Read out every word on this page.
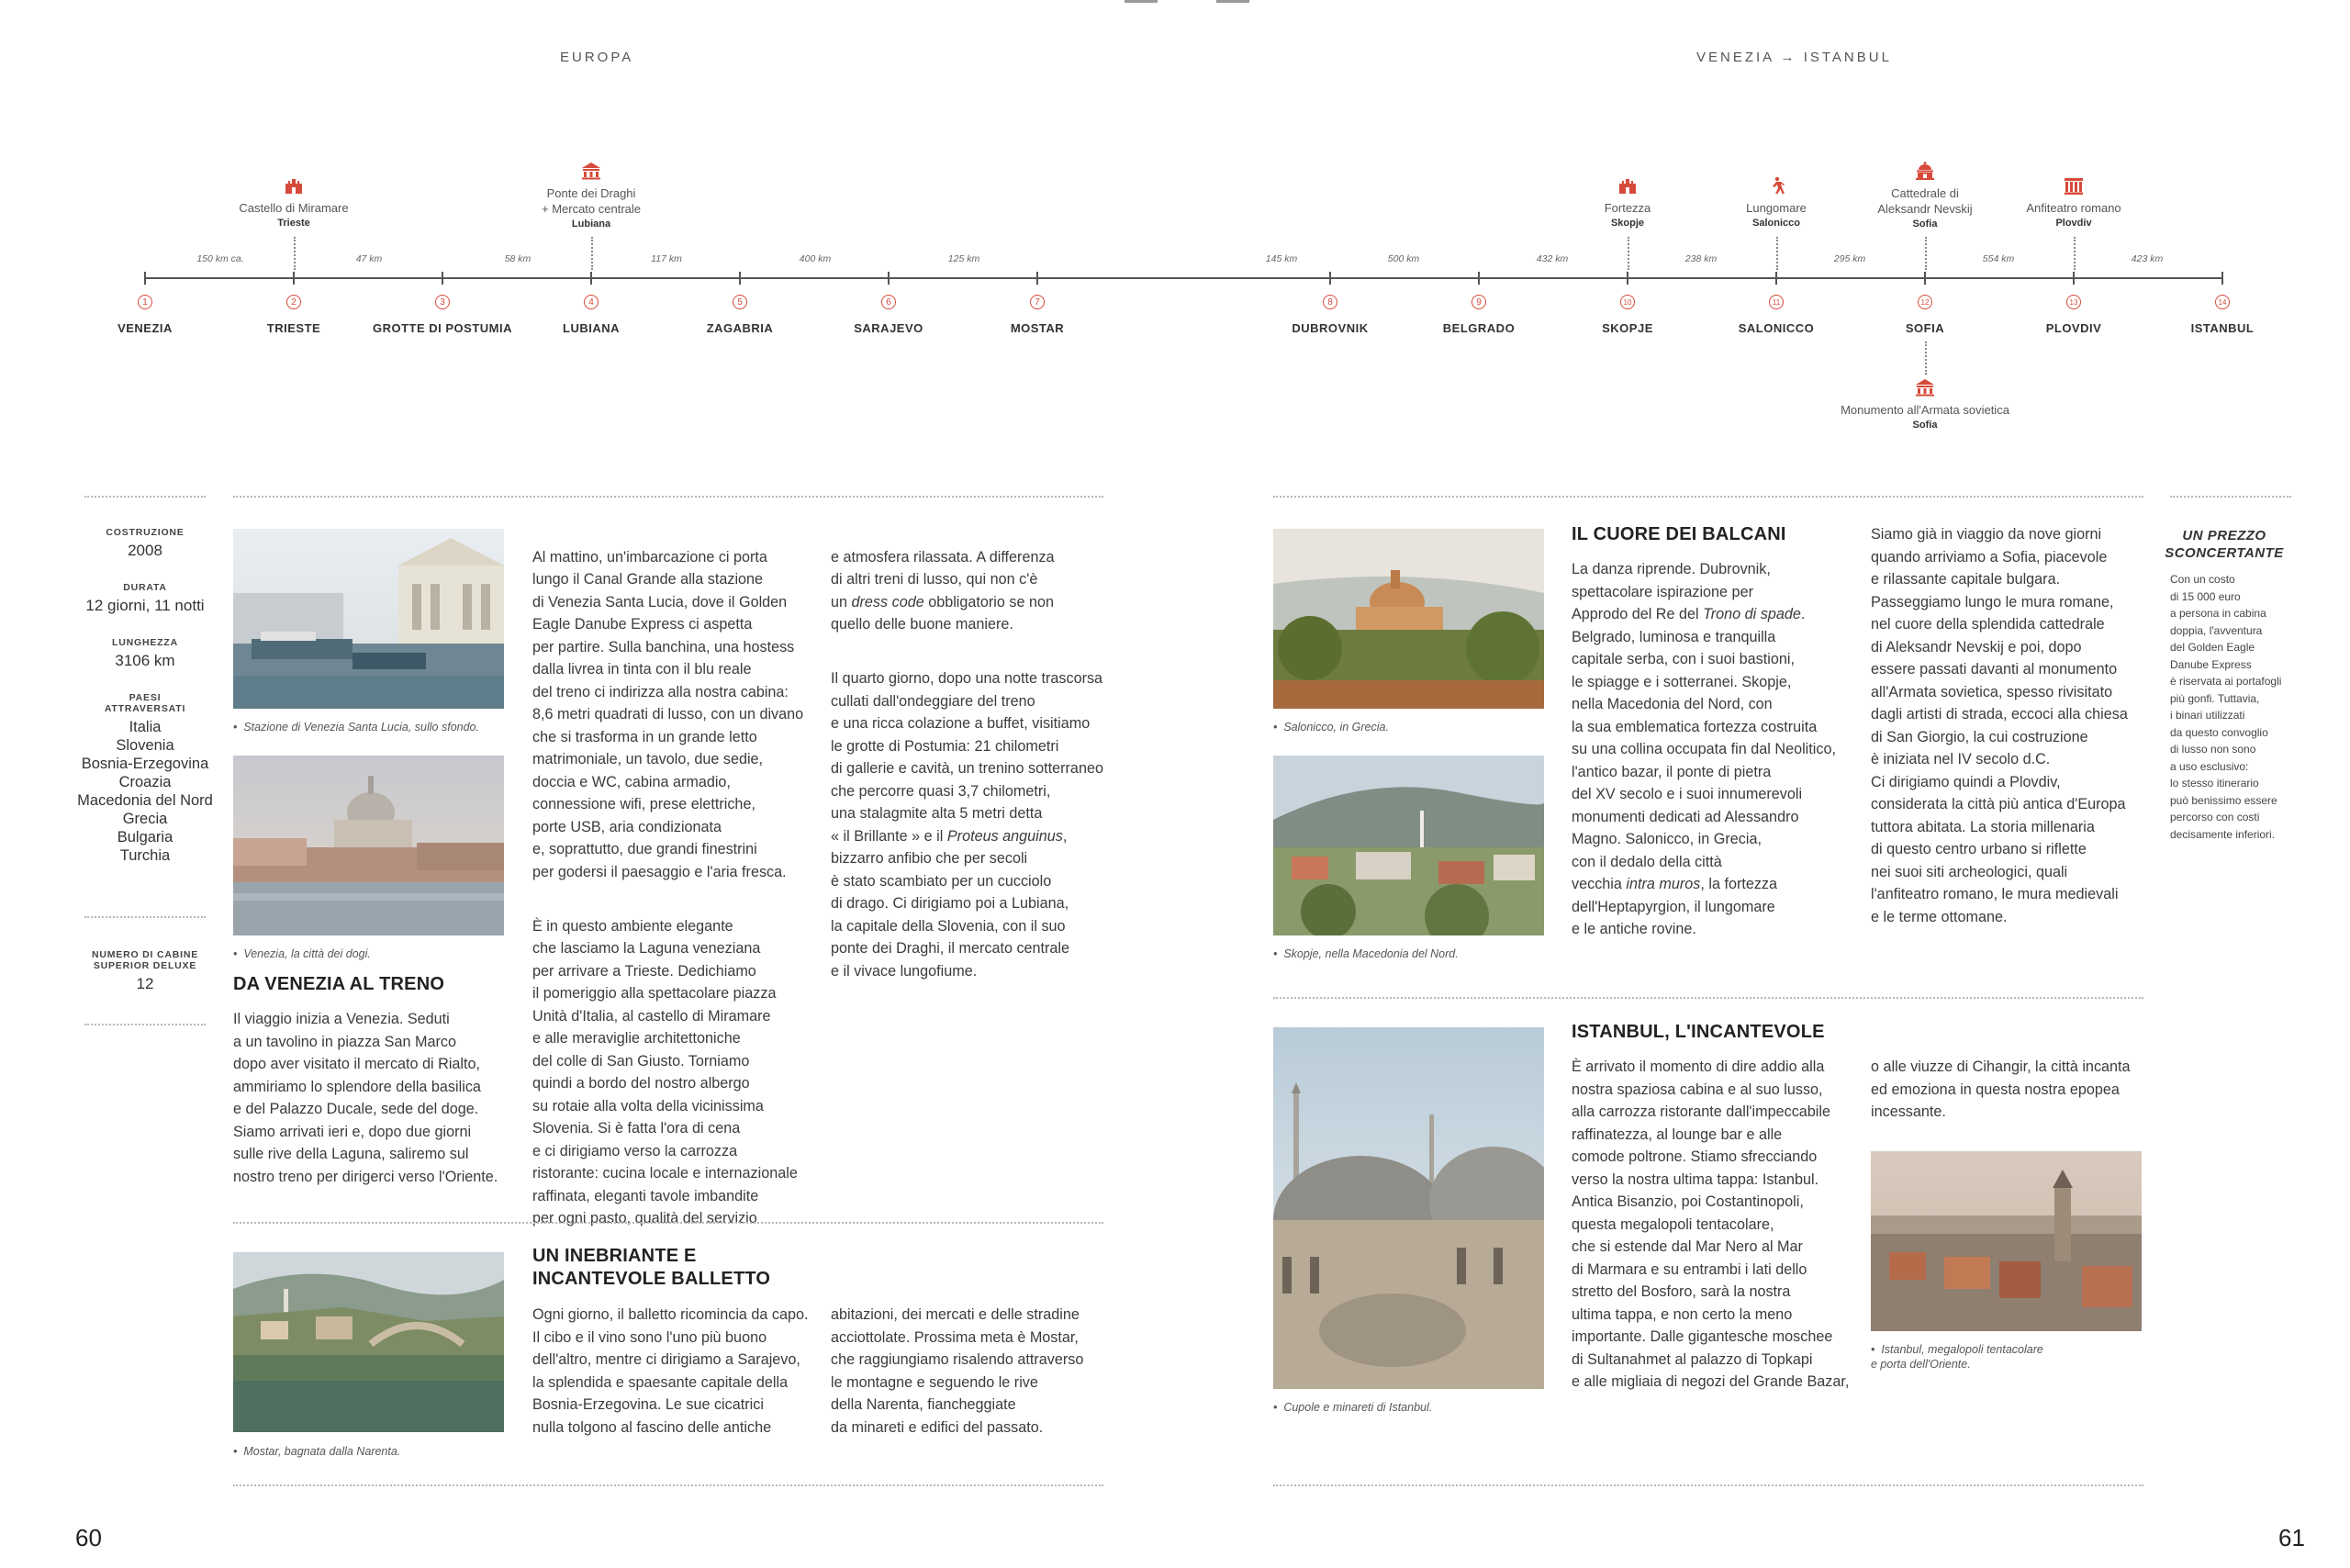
EUROPA	VENEZIA → ISTANBUL
150 km ca.	47 km	58 km	117 km	400 km	125 km	145 km	500 km	432 km	238 km	295 km	554 km	423 km
1	2	3	4	5	6	7	8	9	10	11	12	13	14
VENEZIA	TRIESTE	GROTTE DI POSTUMIA	LUBIANA	ZAGABRIA	SARAJEVO	MOSTAR	DUBROVNIK	BELGRADO	SKOPJE	SALONICCO	SOFIA	PLOVDIV	ISTANBUL
Castello di Miramare
Trieste
Ponte dei Draghi
+ Mercato centrale
Lubiana
Fortezza
Skopje
Lungomare
Salonicco
Cattedrale di
Aleksandr Nevskij
Sofia
Anfiteatro romano
Plovdiv
Monumento all'Armata sovietica
Sofia
COSTRUZIONE
2008
DURATA
12 giorni, 11 notti
LUNGHEZZA
3106 km
PAESI
ATTRAVERSATI
Italia
Slovenia
Bosnia-Erzegovina
Croazia
Macedonia del Nord
Grecia
Bulgaria
Turchia
NUMERO DI CABINE
SUPERIOR DELUXE
12
•  Stazione di Venezia Santa Lucia, sullo sfondo.
•  Venezia, la città dei dogi.
DA VENEZIA AL TRENO
Il viaggio inizia a Venezia. Seduti
a un tavolino in piazza San Marco
dopo aver visitato il mercato di Rialto,
ammiriamo lo splendore della basilica
e del Palazzo Ducale, sede del doge.
Siamo arrivati ieri e, dopo due giorni
sulle rive della Laguna, saliremo sul
nostro treno per dirigerci verso l'Oriente.

Al mattino, un'imbarcazione ci porta
lungo il Canal Grande alla stazione
di Venezia Santa Lucia, dove il Golden
Eagle Danube Express ci aspetta
per partire. Sulla banchina, una hostess
dalla livrea in tinta con il blu reale
del treno ci indirizza alla nostra cabina:
8,6 metri quadrati di lusso, con un divano
che si trasforma in un grande letto
matrimoniale, un tavolo, due sedie,
doccia e WC, cabina armadio,
connessione wifi, prese elettriche,
porte USB, aria condizionata
e, soprattutto, due grandi finestrini
per godersi il paesaggio e l'aria fresca.

È in questo ambiente elegante
che lasciamo la Laguna veneziana
per arrivare a Trieste. Dedichiamo
il pomeriggio alla spettacolare piazza
Unità d'Italia, al castello di Miramare
e alle meraviglie architettoniche
del colle di San Giusto. Torniamo
quindi a bordo del nostro albergo
su rotaie alla volta della vicinissima
Slovenia. Si è fatta l'ora di cena
e ci dirigiamo verso la carrozza
ristorante: cucina locale e internazionale
raffinata, eleganti tavole imbandite
per ogni pasto, qualità del servizio

e atmosfera rilassata. A differenza
di altri treni di lusso, qui non c'è
un dress code obbligatorio se non
quello delle buone maniere.

Il quarto giorno, dopo una notte trascorsa
cullati dall'ondeggiare del treno
e una ricca colazione a buffet, visitiamo
le grotte di Postumia: 21 chilometri
di gallerie e cavità, un trenino sotterraneo
che percorre quasi 3,7 chilometri,
una stalagmite alta 5 metri detta
« il Brillante » e il Proteus anguinus,
bizzarro anfibio che per secoli
è stato scambiato per un cucciolo
di drago. Ci dirigiamo poi a Lubiana,
la capitale della Slovenia, con il suo
ponte dei Draghi, il mercato centrale
e il vivace lungofiume.

•  Mostar, bagnata dalla Narenta.
UN INEBRIANTE E
INCANTEVOLE BALLETTO
Ogni giorno, il balletto ricomincia da capo.
Il cibo e il vino sono l'uno più buono
dell'altro, mentre ci dirigiamo a Sarajevo,
la splendida e spaesante capitale della
Bosnia-Erzegovina. Le sue cicatrici
nulla tolgono al fascino delle antiche
abitazioni, dei mercati e delle stradine
acciottolate. Prossima meta è Mostar,
che raggiungiamo risalendo attraverso
le montagne e seguendo le rive
della Narenta, fiancheggiate
da minareti e edifici del passato.
60
•  Salonicco, in Grecia.
•  Skopje, nella Macedonia del Nord.
IL CUORE DEI BALCANI
La danza riprende. Dubrovnik,
spettacolare ispirazione per
Approdo del Re del Trono di spade.
Belgrado, luminosa e tranquilla
capitale serba, con i suoi bastioni,
le spiagge e i sotterranei. Skopje,
nella Macedonia del Nord, con
la sua emblematica fortezza costruita
su una collina occupata fin dal Neolitico,
l'antico bazar, il ponte di pietra
del XV secolo e i suoi innumerevoli
monumenti dedicati ad Alessandro
Magno. Salonicco, in Grecia,
con il dedalo della città
vecchia intra muros, la fortezza
dell'Heptapyrgion, il lungomare
e le antiche rovine.
Siamo già in viaggio da nove giorni
quando arriviamo a Sofia, piacevole
e rilassante capitale bulgara.
Passeggiamo lungo le mura romane,
nel cuore della splendida cattedrale
di Aleksandr Nevskij e poi, dopo
essere passati davanti al monumento
all'Armata sovietica, spesso rivisitato
dagli artisti di strada, eccoci alla chiesa
di San Giorgio, la cui costruzione
è iniziata nel IV secolo d.C.
Ci dirigiamo quindi a Plovdiv,
considerata la città più antica d'Europa
tuttora abitata. La storia millenaria
di questo centro urbano si riflette
nei suoi siti archeologici, quali
l'anfiteatro romano, le mura medievali
e le terme ottomane.
•  Cupole e minareti di Istanbul.
ISTANBUL, L'INCANTEVOLE
È arrivato il momento di dire addio alla
nostra spaziosa cabina e al suo lusso,
alla carrozza ristorante dall'impeccabile
raffinatezza, al lounge bar e alle
comode poltrone. Stiamo sfrecciando
verso la nostra ultima tappa: Istanbul.
Antica Bisanzio, poi Costantinopoli,
questa megalopoli tentacolare,
che si estende dal Mar Nero al Mar
di Marmara e su entrambi i lati dello
stretto del Bosforo, sarà la nostra
ultima tappa, e non certo la meno
importante. Dalle gigantesche moschee
di Sultanahmet al palazzo di Topkapi
e alle migliaia di negozi del Grande Bazar,
o alle viuzze di Cihangir, la città incanta
ed emoziona in questa nostra epopea
incessante.
•  Istanbul, megalopoli tentacolare
e porta dell'Oriente.
UN PREZZO
SCONCERTANTE
Con un costo
di 15 000 euro
a persona in cabina
doppia, l'avventura
del Golden Eagle
Danube Express
è riservata ai portafogli
più gonfi. Tuttavia,
i binari utilizzati
da questo convoglio
di lusso non sono
a uso esclusivo:
lo stesso itinerario
può benissimo essere
percorso con costi
decisamente inferiori.
61
